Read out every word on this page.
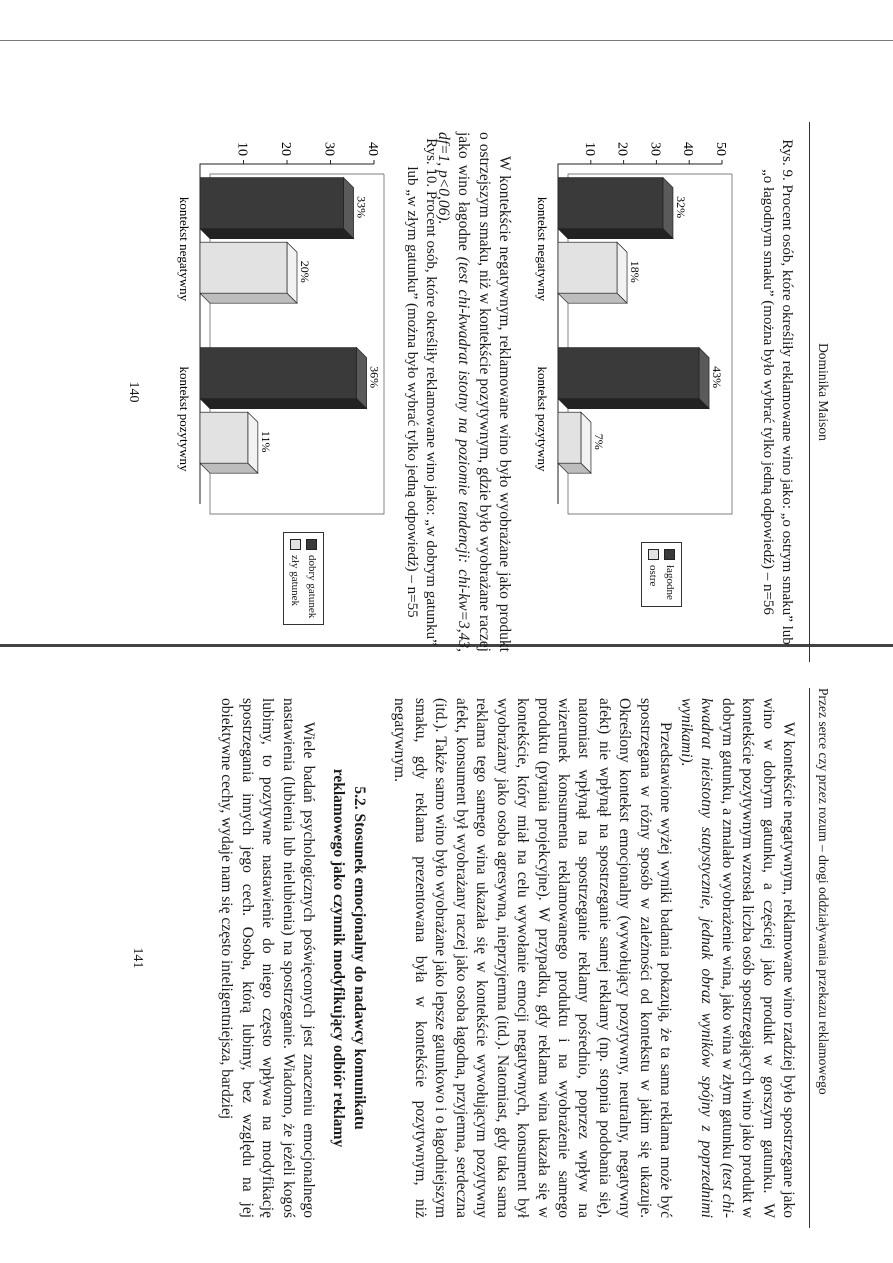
Dominika Maison
Rys. 9. Procent osób, które określiły reklamowane wino jako: „o ostrym smaku” lub „o łagodnym smaku” (można było wybrać tylko jedną odpowiedź) – n=56
10 20 30 40 50
32%
18%
kontekst negatywny
43%
7%
kontekst pozytywny
łagodne
ostre

W kontekście negatywnym, reklamowane wino było wyobrażane jako produkt o ostrzejszym smaku, niż w kontekście pozytywnym, gdzie było wyobrażane raczej jako wino łagodne (test chi-kwadrat istotny na poziomie tendencji: chi-kw=3,43, df=1, p<0,06).

Rys. 10. Procent osób, które określiły reklamowane wino jako: „w dobrym gatunku” lub „w złym gatunku” (można było wybrać tylko jedną odpowiedź) – n=55
10 20 30 40
33%
20%
kontekst negatywny
36%
11%
kontekst pozytywny
dobry gatunek
zły gatunek
140
Przez serce czy przez rozum – drogi oddziaływania przekazu reklamowego

W kontekście negatywnym, reklamowane wino rzadziej było spostrzegane jako wino w dobrym gatunku, a częściej jako produkt w gorszym gatunku. W kontekście pozytywnym wzrosła liczba osób spostrzegających wino jako produkt w dobrym gatunku, a zmalało wyobrażenie wina, jako wina w złym gatunku (test chi-kwadrat nieistotny statystycznie, jednak obraz wyników spójny z poprzednimi wynikami).

Przedstawione wyżej wyniki badania pokazują, że ta sama reklama może być spostrzegana w różny sposób w zależności od kontekstu w jakim się ukazuje. Określony kontekst emocjonalny (wywołujący pozytywny, neutralny, negatywny afekt) nie wpłynął na spostrzeganie samej reklamy (np. stopnia podobania się), natomiast wpłynął na spostrzeganie reklamy pośrednio, poprzez wpływ na wizerunek konsumenta reklamowanego produktu i na wyobrażenie samego produktu (pytania projekcyjne). W przypadku, gdy reklama wina ukazała się w kontekście, który miał na celu wywołanie emocji negatywnych, konsument był wyobrażany jako osoba agresywna, nieprzyjemna (itd.). Natomiast, gdy taka sama reklama tego samego wina ukazała się w kontekście wywołującym pozytywny afekt, konsument był wyobrażany raczej jako osoba łagodna, przyjemna, serdeczna (itd.). Także samo wino było wyobrażane jako lepsze gatunkowo i o łagodniejszym smaku, gdy reklama prezentowana była w kontekście pozytywnym, niż negatywnym.

5.2. Stosunek emocjonalny do nadawcy komunikatu
reklamowego jako czynnik modyfikujący odbiór reklamy

Wiele badań psychologicznych poświęconych jest znaczeniu emocjonalnego nastawienia (lubienia lub nielubienia) na spostrzeganie. Wiadomo, że jeżeli kogoś lubimy, to pozytywne nastawienie do niego często wpływa na modyfikację spostrzegania innych jego cech. Osoba, którą lubimy, bez względu na jej obiektywne cechy, wydaje nam się często inteligentniejsza, bardziej

141
